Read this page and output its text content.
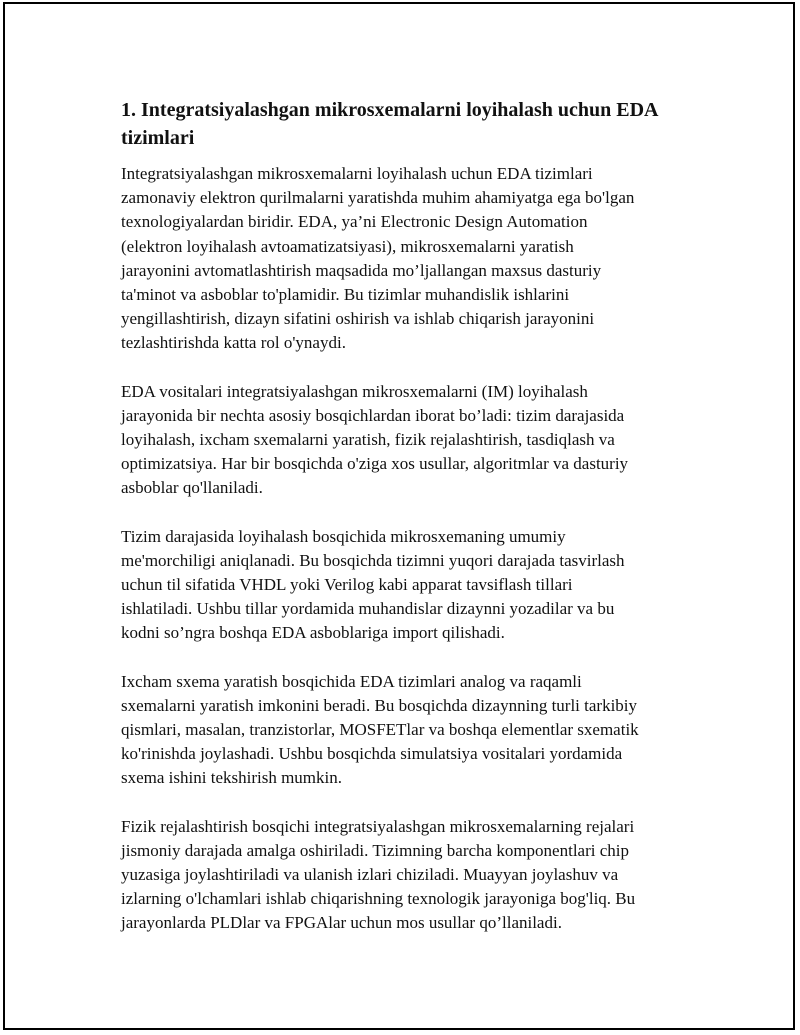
1. Integratsiyalashgan mikrosxemalarni loyihalash uchun EDA
tizimlari

Integratsiyalashgan mikrosxemalarni loyihalash uchun EDA tizimlari
zamonaviy elektron qurilmalarni yaratishda muhim ahamiyatga ega bo'lgan
texnologiyalardan biridir. EDA, ya’ni Electronic Design Automation
(elektron loyihalash avtoamatizatsiyasi), mikrosxemalarni yaratish
jarayonini avtomatlashtirish maqsadida mo’ljallangan maxsus dasturiy
ta'minot va asboblar to'plamidir. Bu tizimlar muhandislik ishlarini
yengillashtirish, dizayn sifatini oshirish va ishlab chiqarish jarayonini
tezlashtirishda katta rol o'ynaydi.

EDA vositalari integratsiyalashgan mikrosxemalarni (IM) loyihalash
jarayonida bir nechta asosiy bosqichlardan iborat bo’ladi: tizim darajasida
loyihalash, ixcham sxemalarni yaratish, fizik rejalashtirish, tasdiqlash va
optimizatsiya. Har bir bosqichda o'ziga xos usullar, algoritmlar va dasturiy
asboblar qo'llaniladi.

Tizim darajasida loyihalash bosqichida mikrosxemaning umumiy
me'morchiligi aniqlanadi. Bu bosqichda tizimni yuqori darajada tasvirlash
uchun til sifatida VHDL yoki Verilog kabi apparat tavsiflash tillari
ishlatiladi. Ushbu tillar yordamida muhandislar dizaynni yozadilar va bu
kodni so’ngra boshqa EDA asboblariga import qilishadi.

Ixcham sxema yaratish bosqichida EDA tizimlari analog va raqamli
sxemalarni yaratish imkonini beradi. Bu bosqichda dizaynning turli tarkibiy
qismlari, masalan, tranzistorlar, MOSFETlar va boshqa elementlar sxematik
ko'rinishda joylashadi. Ushbu bosqichda simulatsiya vositalari yordamida
sxema ishini tekshirish mumkin.

Fizik rejalashtirish bosqichi integratsiyalashgan mikrosxemalarning rejalari
jismoniy darajada amalga oshiriladi. Tizimning barcha komponentlari chip
yuzasiga joylashtiriladi va ulanish izlari chiziladi. Muayyan joylashuv va
izlarning o'lchamlari ishlab chiqarishning texnologik jarayoniga bog'liq. Bu
jarayonlarda PLDlar va FPGAlar uchun mos usullar qo’llaniladi.
